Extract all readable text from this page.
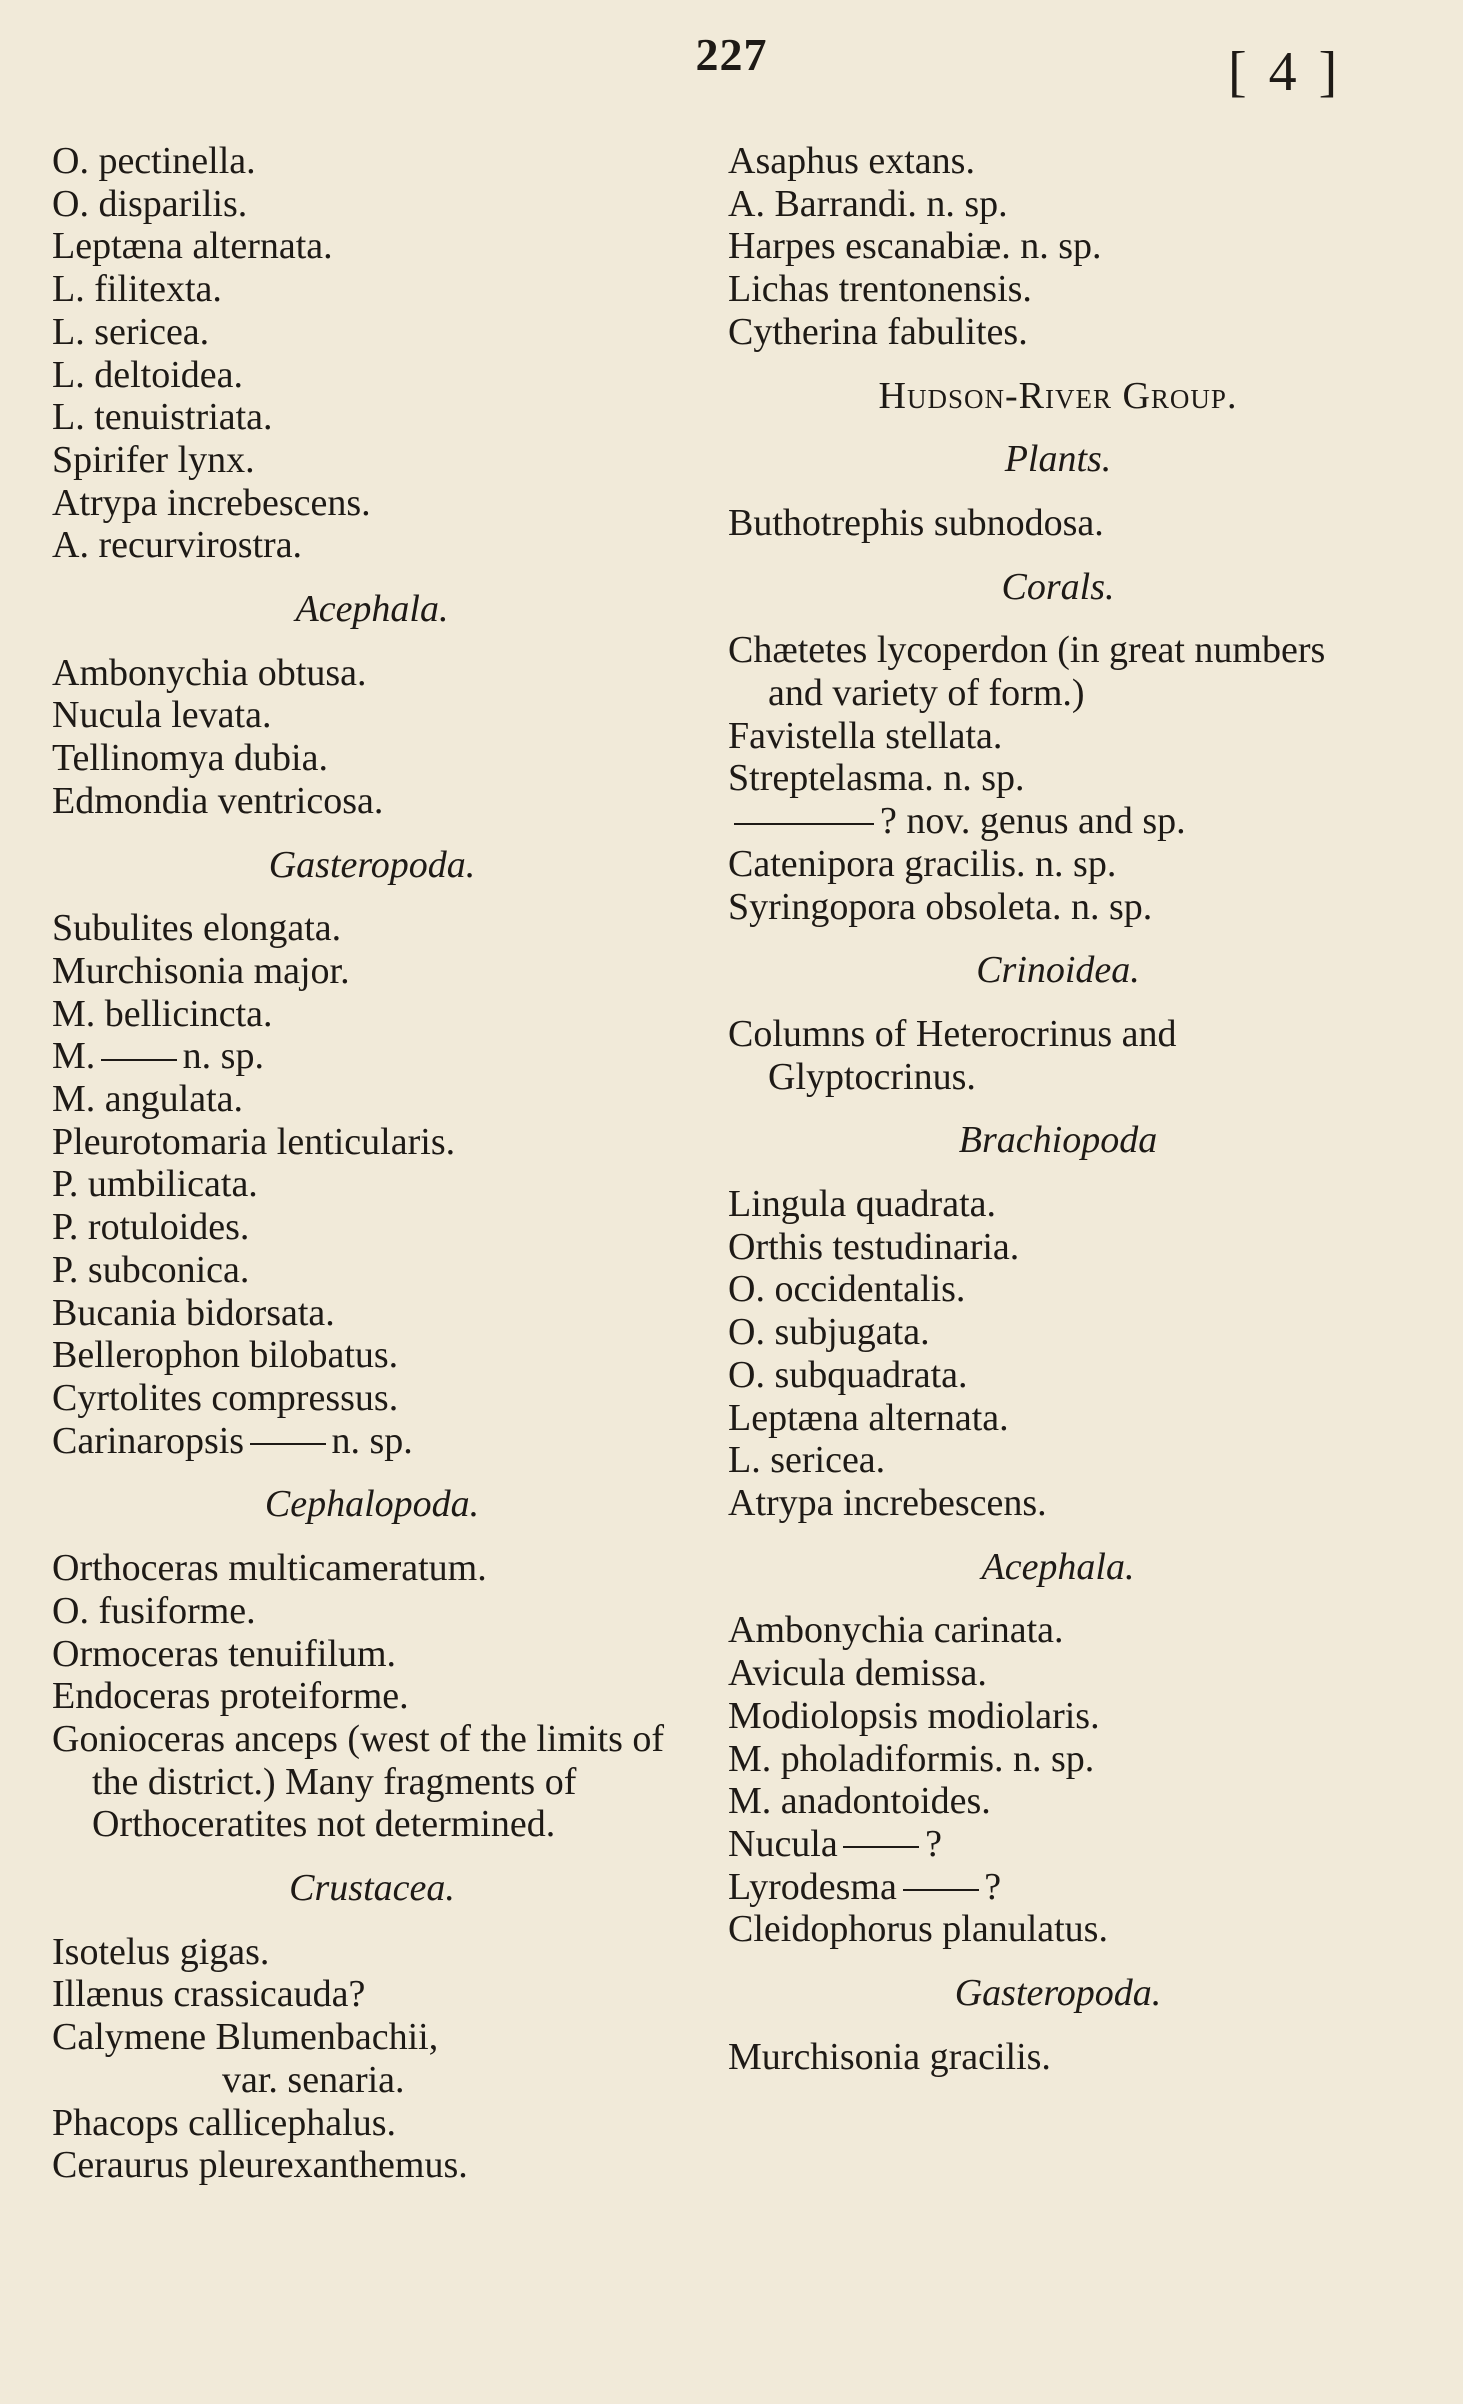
227	[ 4 ]
O. pectinella.
O. disparilis.
Leptæna alternata.
L. filitexta.
L. sericea.
L. deltoidea.
L. tenuistriata.
Spirifer lynx.
Atrypa increbescens.
A. recurvirostra.
Acephala.
Ambonychia obtusa.
Nucula levata.
Tellinomya dubia.
Edmondia ventricosa.
Gasteropoda.
Subulites elongata.
Murchisonia major.
M. bellicincta.
M. n. sp.
M. angulata.
Pleurotomaria lenticularis.
P. umbilicata.
P. rotuloides.
P. subconica.
Bucania bidorsata.
Bellerophon bilobatus.
Cyrtolites compressus.
Carinaropsis n. sp.
Cephalopoda.
Orthoceras multicameratum.
O. fusiforme.
Ormoceras tenuifilum.
Endoceras proteiforme.
Gonioceras anceps (west of the limits of the district.) Many fragments of Orthoceratites not determined.
Crustacea.
Isotelus gigas.
Illænus crassicauda?
Calymene Blumenbachii,
var. senaria.
Phacops callicephalus.
Ceraurus pleurexanthemus.
Asaphus extans.
A. Barrandi. n. sp.
Harpes escanabiæ. n. sp.
Lichas trentonensis.
Cytherina fabulites.
Hudson-River Group.
Plants.
Buthotrephis subnodosa.
Corals.
Chætetes lycoperdon (in great numbers and variety of form.)
Favistella stellata.
Streptelasma. n. sp.
? nov. genus and sp.
Catenipora gracilis. n. sp.
Syringopora obsoleta. n. sp.
Crinoidea.
Columns of Heterocrinus and Glyptocrinus.
Brachiopoda
Lingula quadrata.
Orthis testudinaria.
O. occidentalis.
O. subjugata.
O. subquadrata.
Leptæna alternata.
L. sericea.
Atrypa increbescens.
Acephala.
Ambonychia carinata.
Avicula demissa.
Modiolopsis modiolaris.
M. pholadiformis. n. sp.
M. anadontoides.
Nucula ?
Lyrodesma ?
Cleidophorus planulatus.
Gasteropoda.
Murchisonia gracilis.
